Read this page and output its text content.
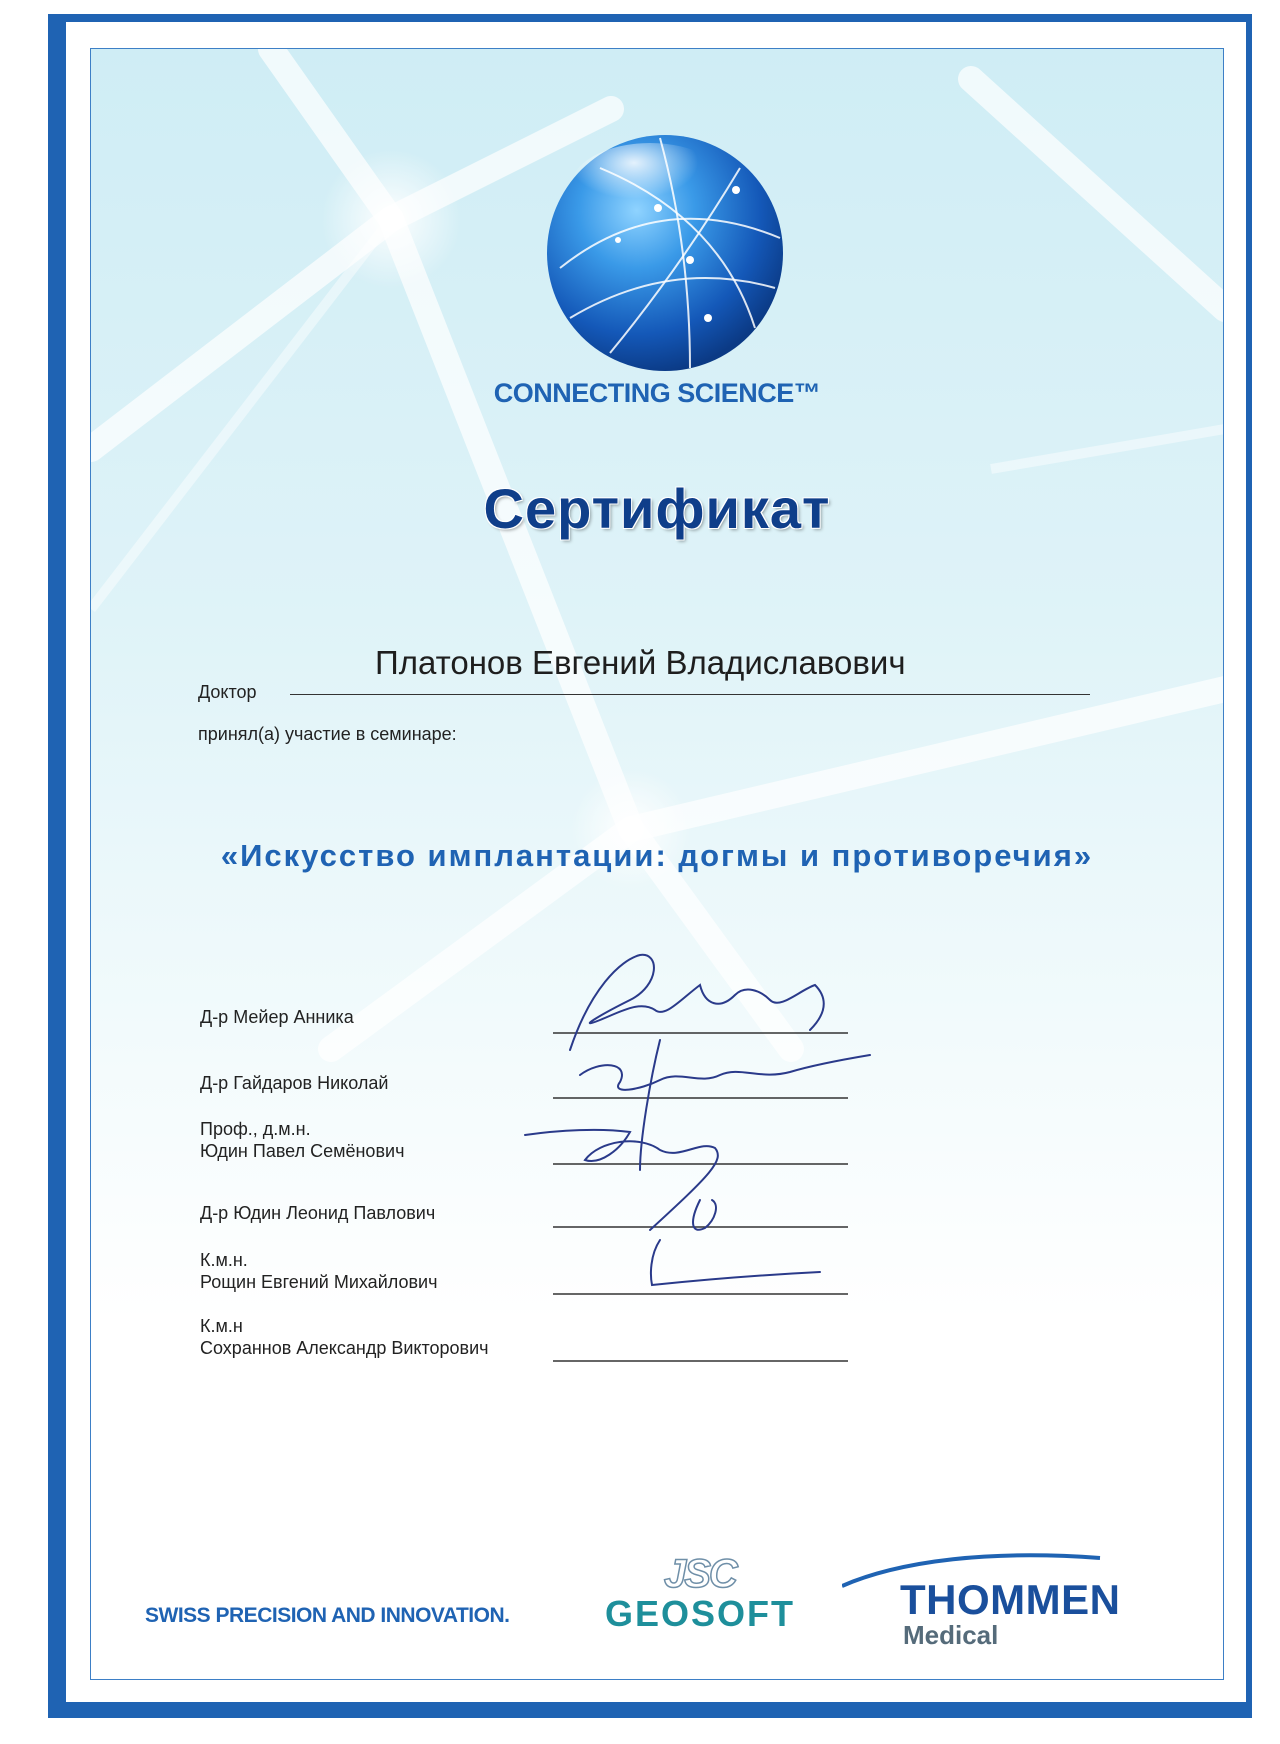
CONNECTING SCIENCE™
Сертификат
Платонов Евгений Владиславович
Доктор
принял(а) участие в семинаре:
«Искусство имплантации: догмы и противоречия»
Д-р Мейер Анника
Д-р Гайдаров Николай
Проф., д.м.н.
Юдин Павел Семёнович
Д-р Юдин Леонид Павлович
К.м.н.
Рощин Евгений Михайлович
К.м.н
Сохраннов Александр Викторович
SWISS PRECISION AND INNOVATION.
JSC
GEOSOFT THOMMEN
Medical
